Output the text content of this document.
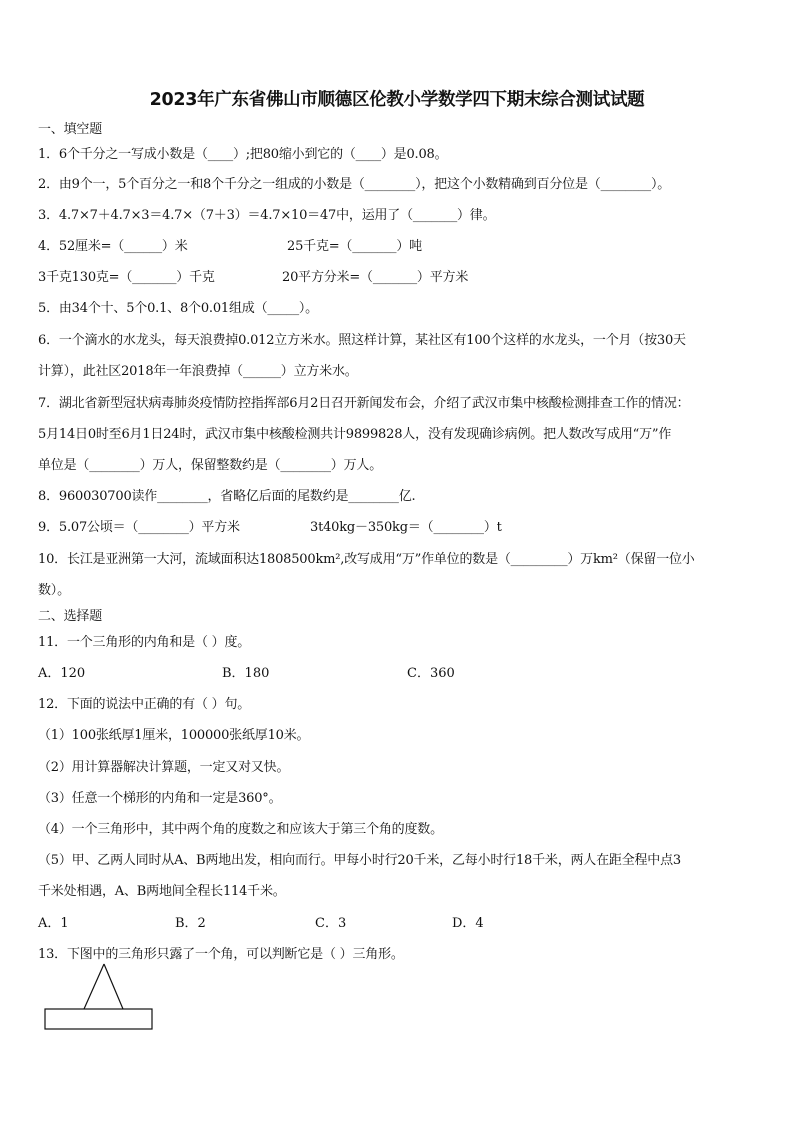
2023年广东省佛山市顺德区伦教小学数学四下期末综合测试试题
一、填空题
1．6个千分之一写成小数是（____）;把80缩小到它的（____）是0.08。
2．由9个一，5个百分之一和8个千分之一组成的小数是（________），把这个小数精确到百分位是（________）。
3．4.7×7＋4.7×3＝4.7×（7＋3）＝4.7×10＝47中，运用了（_______）律。
4．52厘米=（______）米	25千克=（_______）吨
3千克130克=（_______）千克	20平方分米=（_______）平方米
5．由34个十、5个0.1、8个0.01组成（_____）。
6．一个滴水的水龙头，每天浪费掉0.012立方米水。照这样计算，某社区有100个这样的水龙头，一个月（按30天
计算），此社区2018年一年浪费掉（______）立方米水。
7．湖北省新型冠状病毒肺炎疫情防控指挥部6月2日召开新闻发布会，介绍了武汉市集中核酸检测排查工作的情况：
5月14日0时至6月1日24时，武汉市集中核酸检测共计9899828人，没有发现确诊病例。把人数改写成用“万”作
单位是（________）万人，保留整数约是（________）万人。
8．960030700读作________，省略亿后面的尾数约是________亿.
9．5.07公顷＝（________）平方米	3t40kg－350kg＝（________）t
10．长江是亚洲第一大河，流域面积达1808500km²,改写成用“万”作单位的数是（_________）万km²（保留一位小
数）。
二、选择题
11．一个三角形的内角和是（ ）度。
A．120	B．180	C．360
12．下面的说法中正确的有（ ）句。
（1）100张纸厚1厘米，100000张纸厚10米。
（2）用计算器解决计算题，一定又对又快。
（3）任意一个梯形的内角和一定是360°。
（4）一个三角形中，其中两个角的度数之和应该大于第三个角的度数。
（5）甲、乙两人同时从A、B两地出发，相向而行。甲每小时行20千米，乙每小时行18千米，两人在距全程中点3
千米处相遇，A、B两地间全程长114千米。
A．1	B．2	C．3	D．4
13．下图中的三角形只露了一个角，可以判断它是（ ）三角形。
